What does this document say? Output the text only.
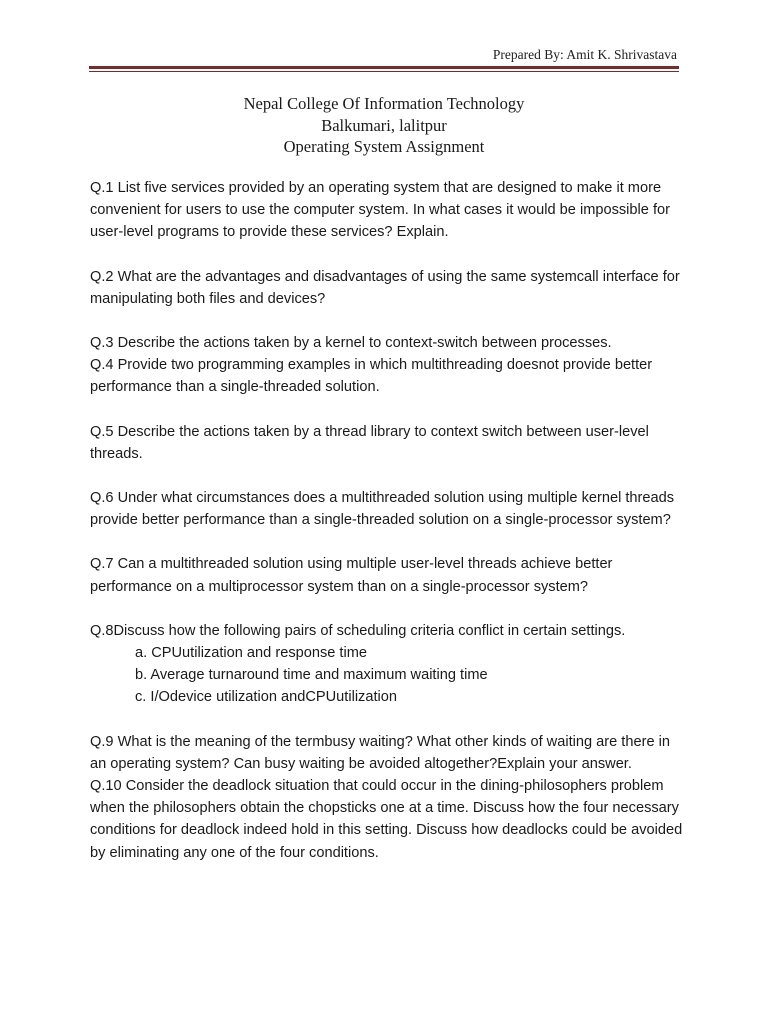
Prepared By: Amit K. Shrivastava
Nepal College Of Information Technology
Balkumari, lalitpur
Operating System Assignment

Q.1 List five services provided by an operating system that are designed to make it more convenient for users to use the computer system. In what cases it would be impossible for user-level programs to provide these services? Explain.

Q.2 What are the advantages and disadvantages of using the same systemcall interface for manipulating both files and devices?

Q.3 Describe the actions taken by a kernel to context-switch between processes.

Q.4 Provide two programming examples in which multithreading doesnot provide better performance than a single-threaded solution.

Q.5 Describe the actions taken by a thread library to context switch between user-level threads.

Q.6 Under what circumstances does a multithreaded solution using multiple kernel threads provide better performance than a single-threaded solution on a single-processor system?

Q.7 Can a multithreaded solution using multiple user-level threads achieve better performance on a multiprocessor system than on a single-processor system?

Q.8Discuss how the following pairs of scheduling criteria conflict in certain settings.

a. CPUutilization and response time

b. Average turnaround time and maximum waiting time

c. I/Odevice utilization andCPUutilization

Q.9 What is the meaning of the termbusy waiting? What other kinds of waiting are there in an operating system? Can busy waiting be avoided altogether?Explain your answer.

Q.10 Consider the deadlock situation that could occur in the dining-philosophers problem when the philosophers obtain the chopsticks one at a time. Discuss how the four necessary conditions for deadlock indeed hold in this setting. Discuss how deadlocks could be avoided by eliminating any one of the four conditions.
